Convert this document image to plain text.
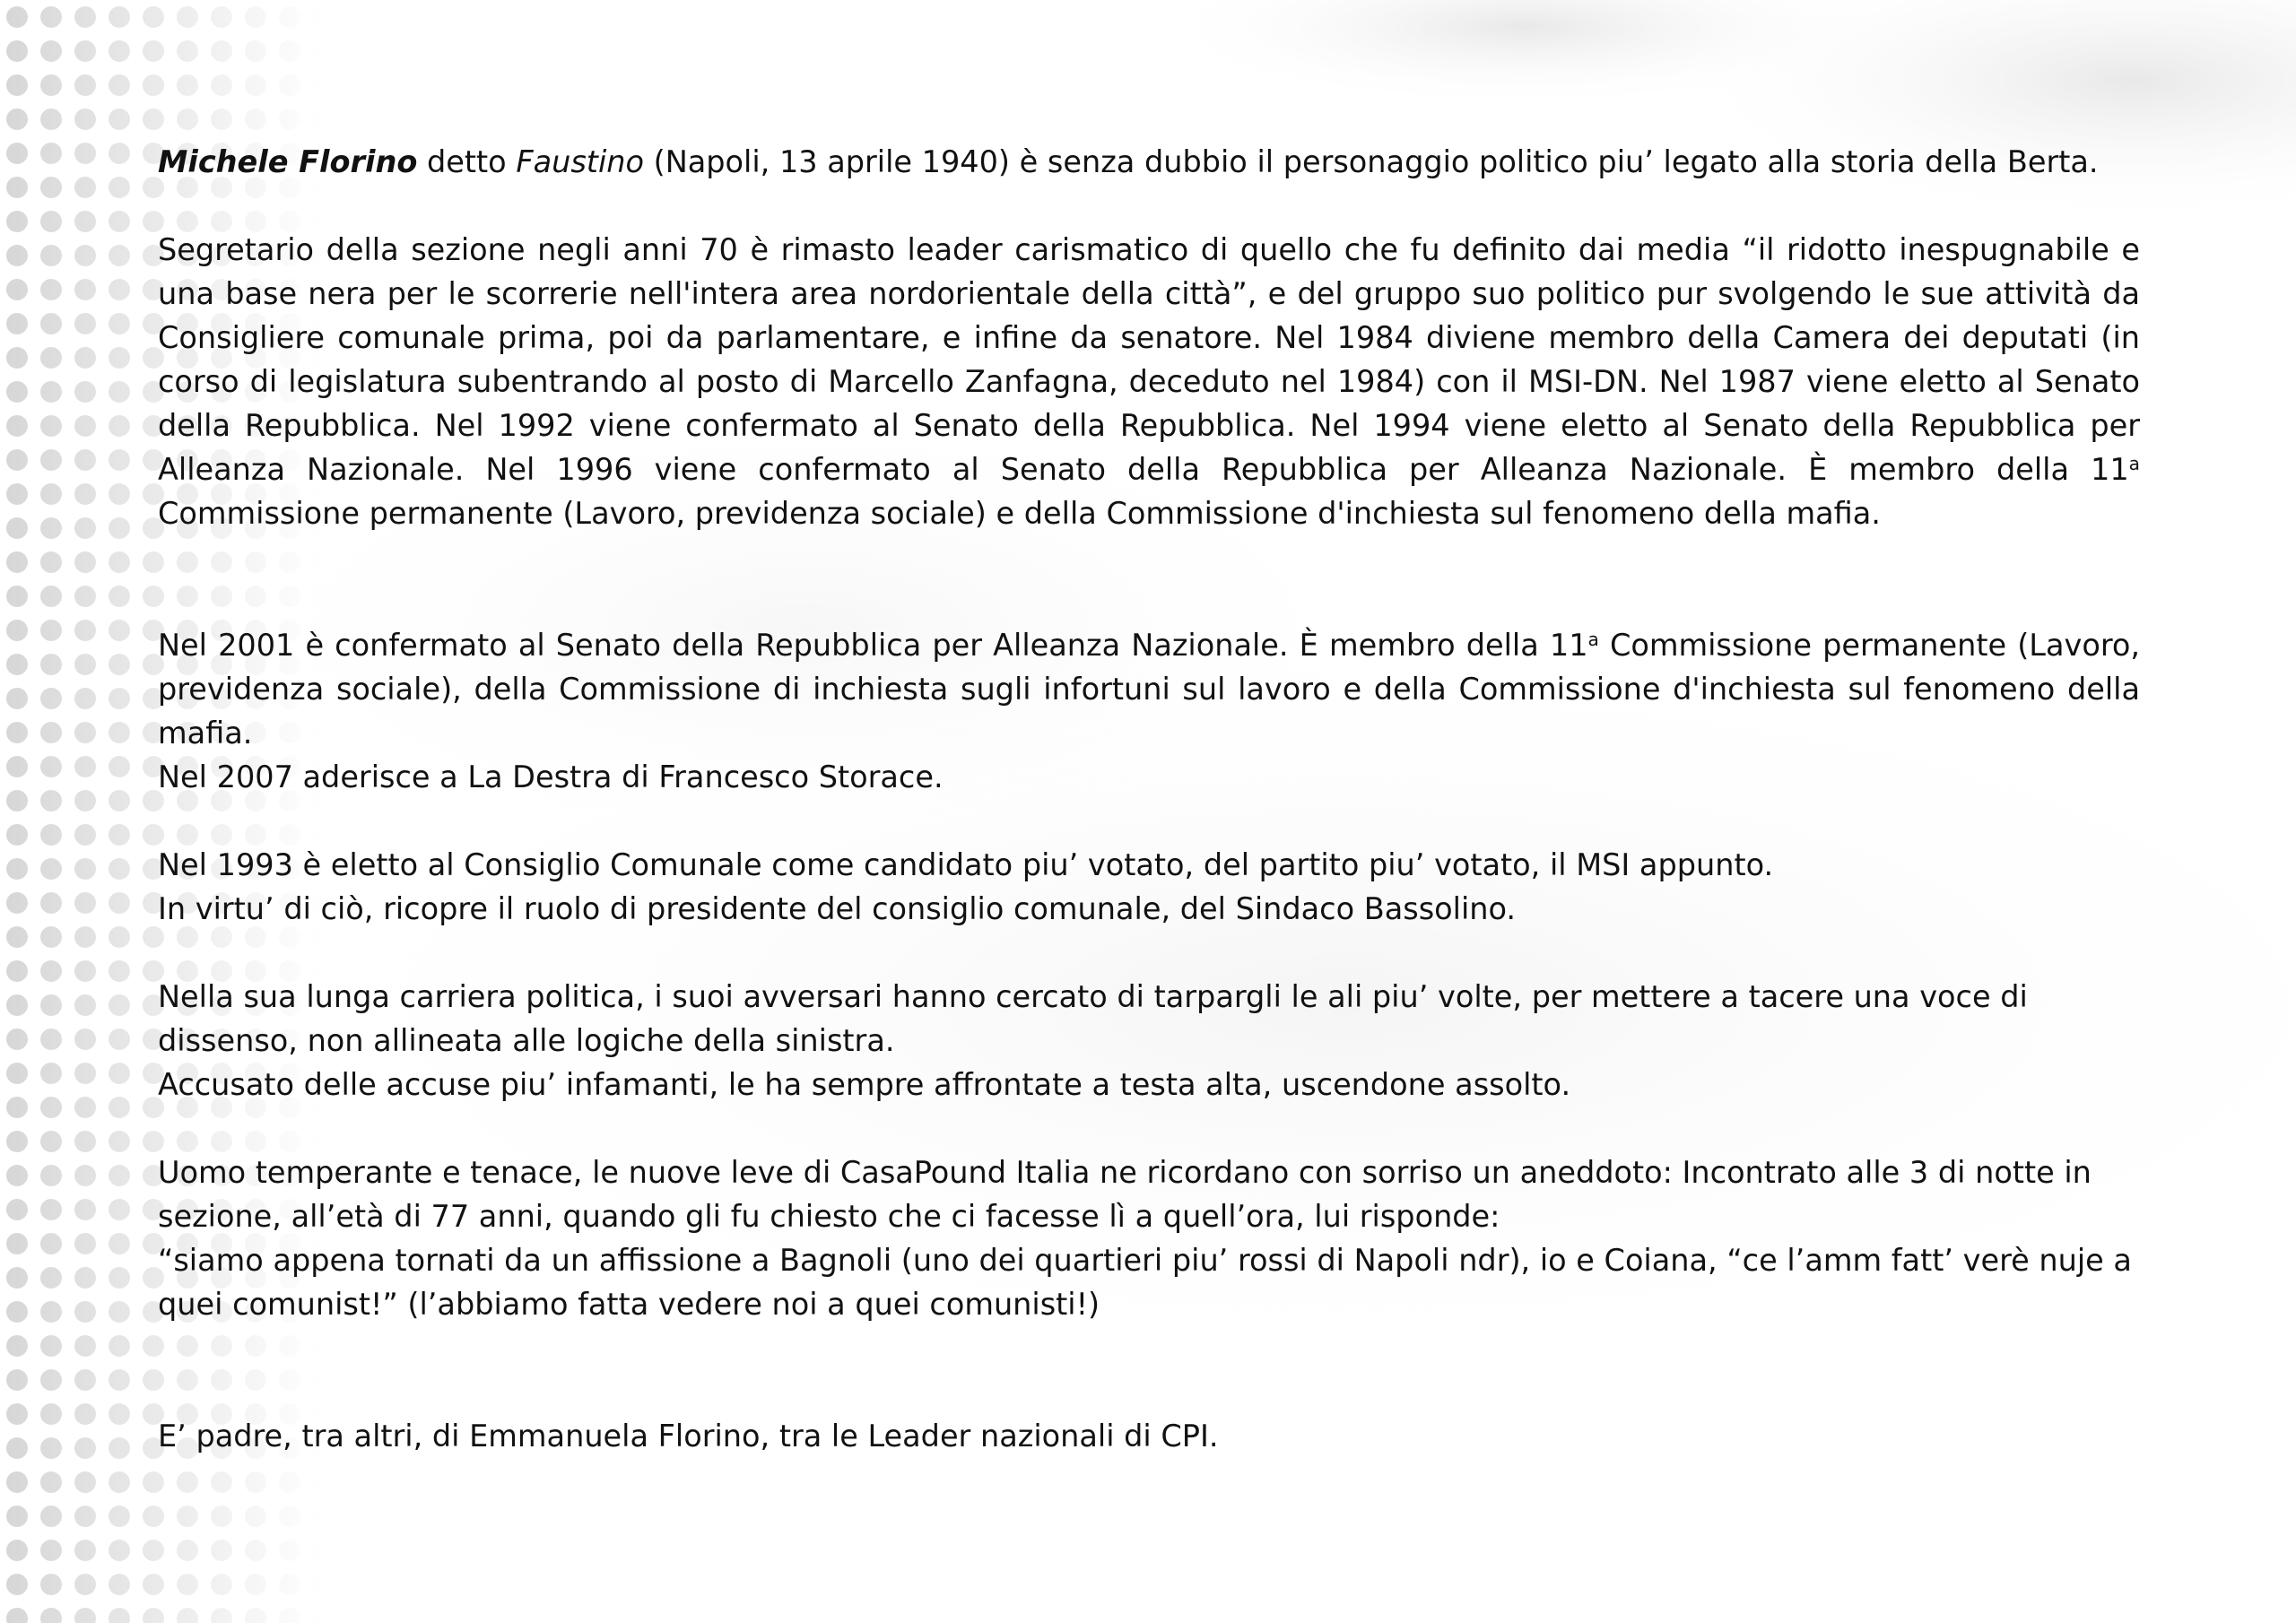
Michele Florino detto Faustino (Napoli, 13 aprile 1940) è senza dubbio il personaggio politico piu’ legato alla storia della Berta.

Segretario della sezione negli anni 70 è rimasto leader carismatico di quello che fu definito dai media “il ridotto inespugnabile e una base nera per le scorrerie nell'intera area nordorientale della città”, e del gruppo suo politico pur svolgendo le sue attività da Consigliere comunale prima, poi da parlamentare, e infine da senatore. Nel 1984 diviene membro della Camera dei deputati (in corso di legislatura subentrando al posto di Marcello Zanfagna, deceduto nel 1984) con il MSI-DN. Nel 1987 viene eletto al Senato della Repubblica. Nel 1992 viene confermato al Senato della Repubblica. Nel 1994 viene eletto al Senato della Repubblica per Alleanza Nazionale. Nel 1996 viene confermato al Senato della Repubblica per Alleanza Nazionale. È membro della 11$^a$ Commissione permanente (Lavoro, previdenza sociale) e della Commissione d'inchiesta sul fenomeno della mafia.

Nel 2001 è confermato al Senato della Repubblica per Alleanza Nazionale. È membro della 11$^a$ Commissione permanente (Lavoro, previdenza sociale), della Commissione di inchiesta sugli infortuni sul lavoro e della Commissione d'inchiesta sul fenomeno della mafia.

Nel 2007 aderisce a La Destra di Francesco Storace.

Nel 1993 è eletto al Consiglio Comunale come candidato piu’ votato, del partito piu’ votato, il MSI appunto.

In virtu’ di ciò, ricopre il ruolo di presidente del consiglio comunale, del Sindaco Bassolino.

Nella sua lunga carriera politica, i suoi avversari hanno cercato di tarpargli le ali piu’ volte, per mettere a tacere una voce di dissenso, non allineata alle logiche della sinistra.

Accusato delle accuse piu’ infamanti, le ha sempre affrontate a testa alta, uscendone assolto.

Uomo temperante e tenace, le nuove leve di CasaPound Italia ne ricordano con sorriso un aneddoto: Incontrato alle 3 di notte in sezione, all’età di 77 anni, quando gli fu chiesto che ci facesse lì a quell’ora, lui risponde:

“siamo appena tornati da un affissione a Bagnoli (uno dei quartieri piu’ rossi di Napoli ndr), io e Coiana, “ce l’amm fatt’ verè nuje a quei comunist!” (l’abbiamo fatta vedere noi a quei comunisti!)

E’ padre, tra altri, di Emmanuela Florino, tra le Leader nazionali di CPI.
